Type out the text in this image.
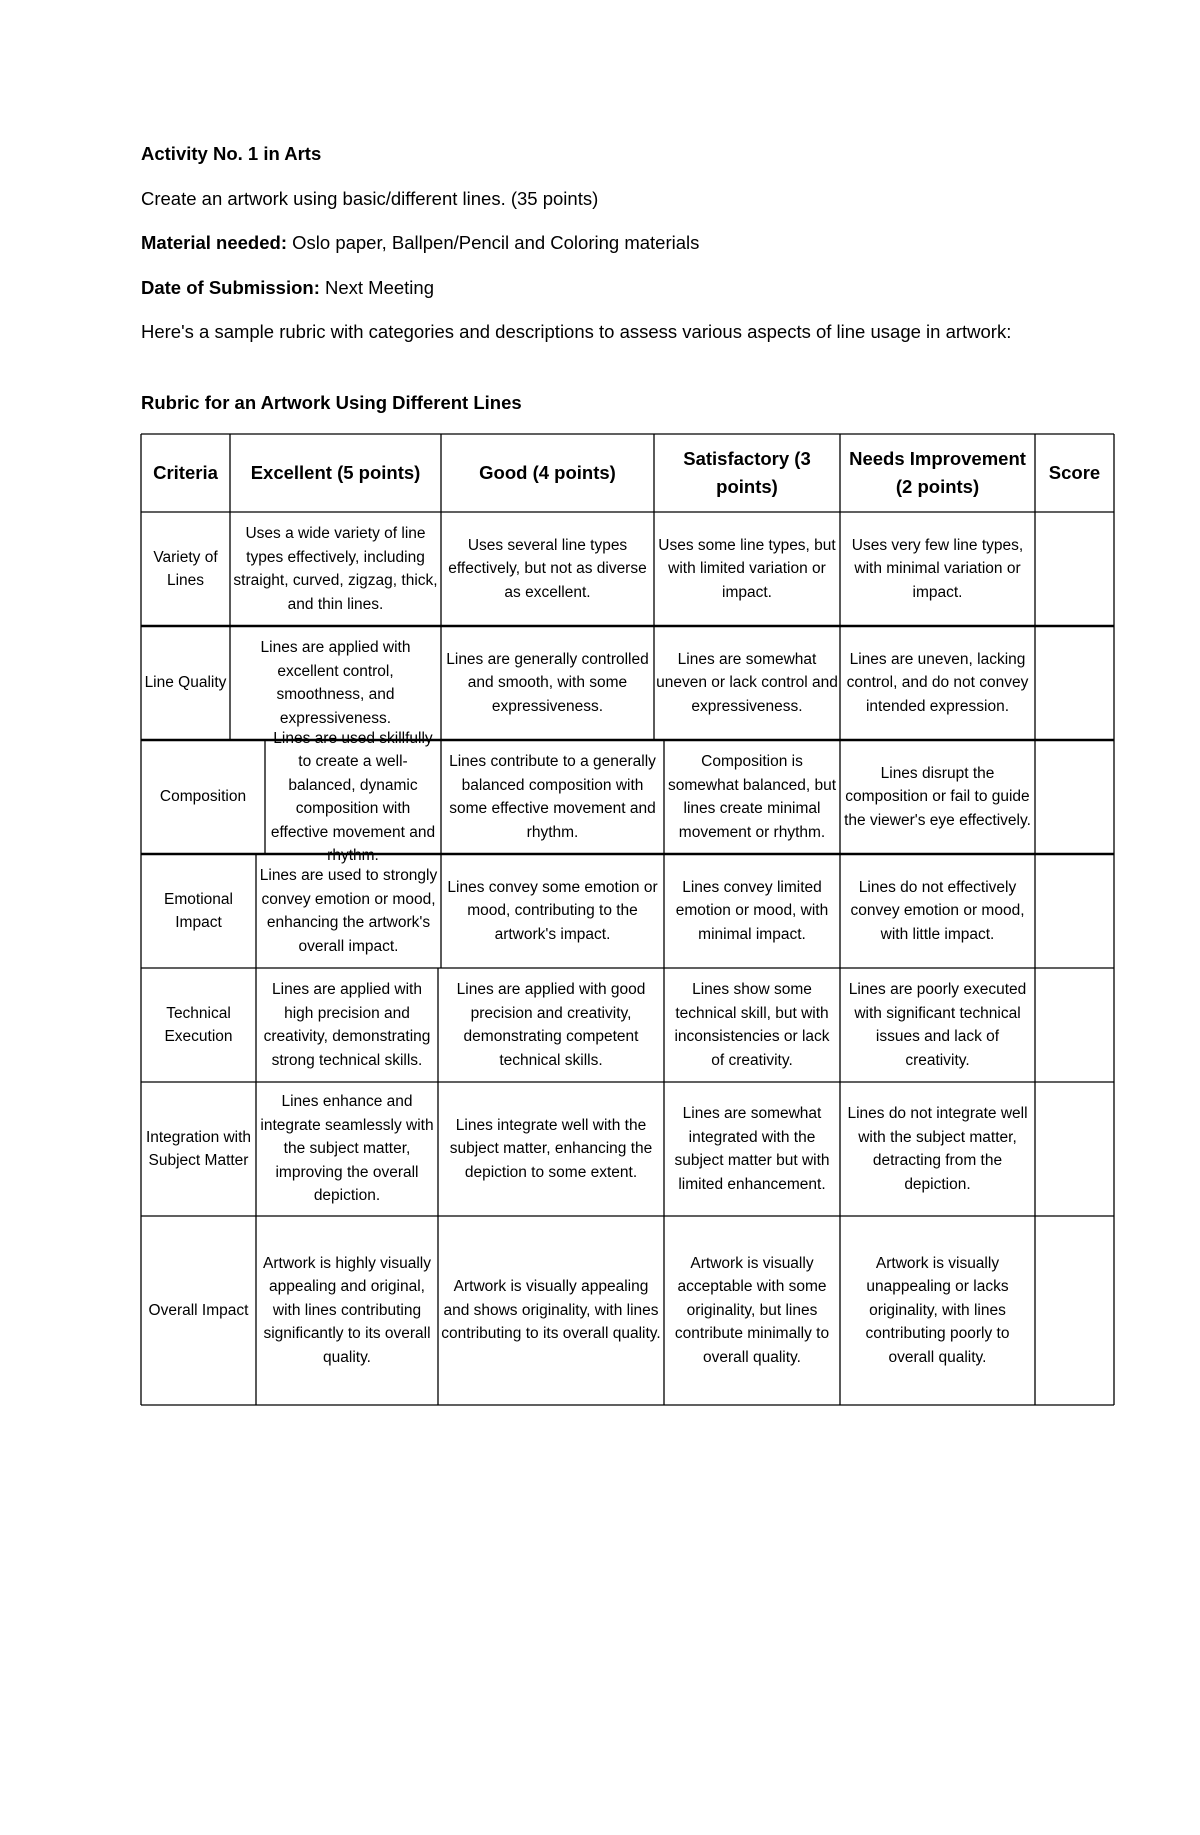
Activity No. 1 in Arts
Create an artwork using basic/different lines. (35 points)
Material needed: Oslo paper, Ballpen/Pencil and Coloring materials
Date of Submission: Next Meeting
Here's a sample rubric with categories and descriptions to assess various aspects of line usage in artwork:
Rubric for an Artwork Using Different Lines
Criteria	Excellent (5 points)	Good (4 points)
Satisfactory (3 points)
Needs Improvement (2 points)
Score
Variety of Lines
Uses a wide variety of line types effectively, including straight, curved, zigzag, thick, and thin lines.
Uses several line types effectively, but not as diverse as excellent.
Uses some line types, but with limited variation or impact.
Uses very few line types, with minimal variation or impact.
Line Quality
Lines are applied with excellent control, smoothness, and expressiveness.
Lines are generally controlled and smooth, with some expressiveness.
Lines are somewhat uneven or lack control and expressiveness.
Lines are uneven, lacking control, and do not convey intended expression.
Composition
Lines are used skillfully to create a well-balanced, dynamic composition with effective movement and rhythm.
Lines contribute to a generally balanced composition with some effective movement and rhythm.
Composition is somewhat balanced, but lines create minimal movement or rhythm.
Lines disrupt the composition or fail to guide the viewer's eye effectively.
Emotional Impact
Lines are used to strongly convey emotion or mood, enhancing the artwork's overall impact.
Lines convey some emotion or mood, contributing to the artwork's impact.
Lines convey limited emotion or mood, with minimal impact.
Lines do not effectively convey emotion or mood, with little impact.
Technical Execution
Lines are applied with high precision and creativity, demonstrating strong technical skills.
Lines are applied with good precision and creativity, demonstrating competent technical skills.
Lines show some technical skill, but with inconsistencies or lack of creativity.
Lines are poorly executed with significant technical issues and lack of creativity.
Integration with Subject Matter
Lines enhance and integrate seamlessly with the subject matter, improving the overall depiction.
Lines integrate well with the subject matter, enhancing the depiction to some extent.
Lines are somewhat integrated with the subject matter but with limited enhancement.
Lines do not integrate well with the subject matter, detracting from the depiction.
Overall Impact
Artwork is highly visually appealing and original, with lines contributing significantly to its overall quality.
Artwork is visually appealing and shows originality, with lines contributing to its overall quality.
Artwork is visually acceptable with some originality, but lines contribute minimally to overall quality.
Artwork is visually unappealing or lacks originality, with lines contributing poorly to overall quality.
